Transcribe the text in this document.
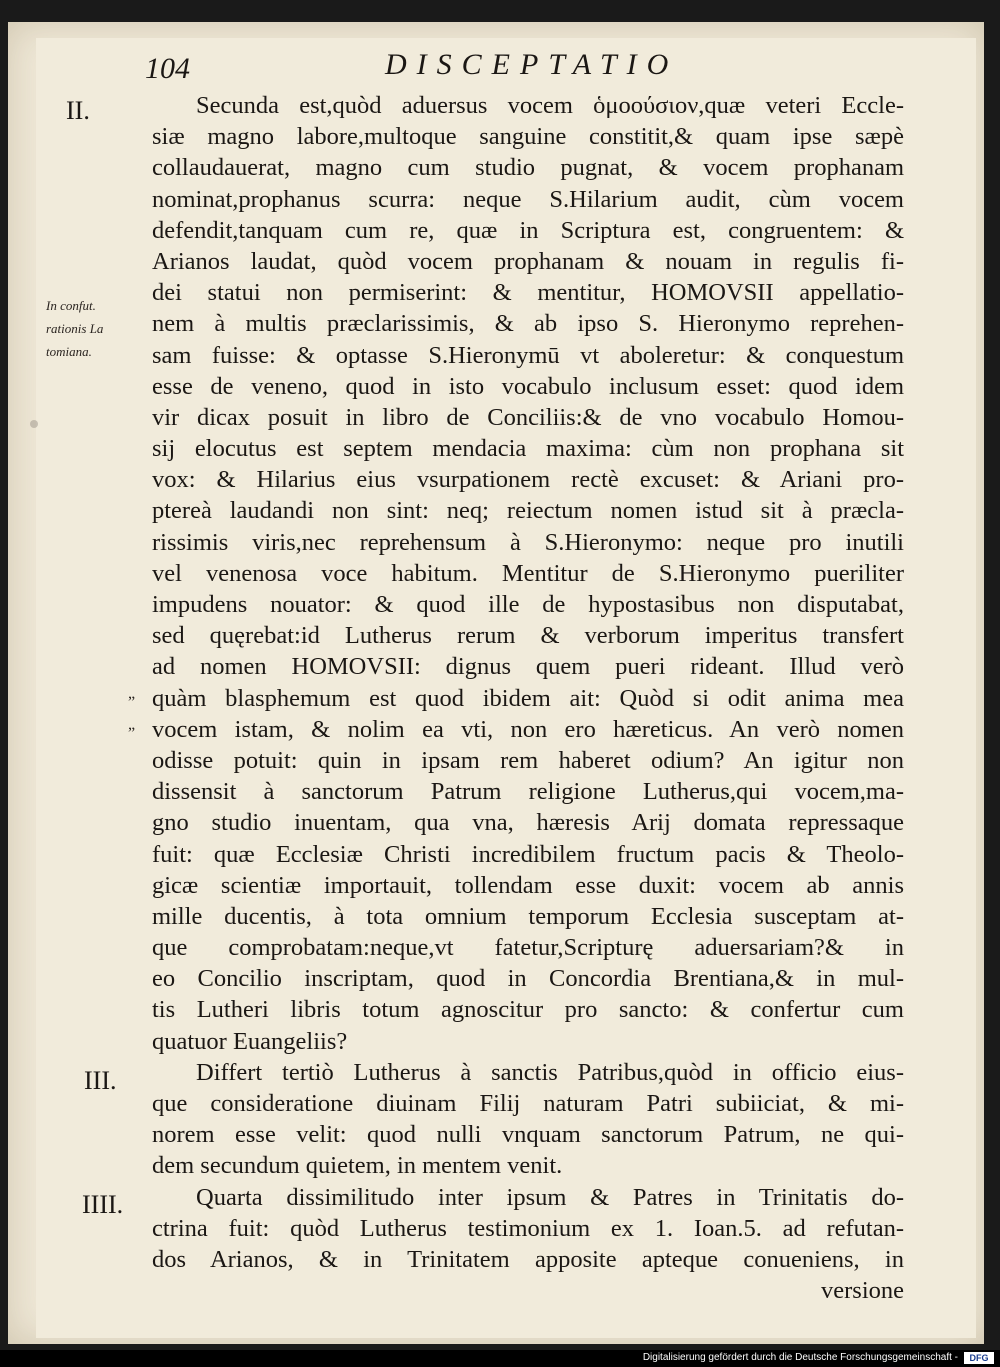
104	DISCEPTATIO
II.
III.
IIII.
In confut.
rationis La
tomiana.
”
”
Secunda est,quòd aduersus vocem ὁμοούσιον,quæ veteri Eccle-
siæ magno labore,multoque sanguine constitit,& quam ipse sæpè
collaudauerat, magno cum studio pugnat, & vocem prophanam
nominat,prophanus scurra: neque S.Hilarium audit, cùm vocem
defendit,tanquam cum re, quæ in Scriptura est, congruentem: &
Arianos laudat, quòd vocem prophanam & nouam in regulis fi-
dei statui non permiserint: & mentitur, HOMOVSII appellatio-
nem à multis præclarissimis, & ab ipso S. Hieronymo reprehen-
sam fuisse: & optasse S.Hieronymū vt aboleretur: & conquestum
esse de veneno, quod in isto vocabulo inclusum esset: quod idem
vir dicax posuit in libro de Conciliis:& de vno vocabulo Homou-
sij elocutus est septem mendacia maxima: cùm non prophana sit
vox: & Hilarius eius vsurpationem rectè excuset: & Ariani pro-
ptereà laudandi non sint: neq; reiectum nomen istud sit à præcla-
rissimis viris,nec reprehensum à S.Hieronymo: neque pro inutili
vel venenosa voce habitum. Mentitur de S.Hieronymo pueriliter
impudens nouator: & quod ille de hypostasibus non disputabat,
sed quęrebat:id Lutherus rerum & verborum imperitus transfert
ad nomen HOMOVSII: dignus quem pueri rideant. Illud verò
quàm blasphemum est quod ibidem ait: Quòd si odit anima mea
vocem istam, & nolim ea vti, non ero hæreticus. An verò nomen
odisse potuit: quin in ipsam rem haberet odium? An igitur non
dissensit à sanctorum Patrum religione Lutherus,qui vocem,ma-
gno studio inuentam, qua vna, hæresis Arij domata repressaque
fuit: quæ Ecclesiæ Christi incredibilem fructum pacis & Theolo-
gicæ scientiæ importauit, tollendam esse duxit: vocem ab annis
mille ducentis, à tota omnium temporum Ecclesia susceptam at-
que comprobatam:neque,vt fatetur,Scripturę aduersariam?& in
eo Concilio inscriptam, quod in Concordia Brentiana,& in mul-
tis Lutheri libris totum agnoscitur pro sancto: & confertur cum
quatuor Euangeliis?
Differt tertiò Lutherus à sanctis Patribus,quòd in officio eius-
que consideratione diuinam Filij naturam Patri subiiciat, & mi-
norem esse velit: quod nulli vnquam sanctorum Patrum, ne qui-
dem secundum quietem, in mentem venit.
Quarta dissimilitudo inter ipsum & Patres in Trinitatis do-
ctrina fuit: quòd Lutherus testimonium ex 1. Ioan.5. ad refutan-
dos Arianos, & in Trinitatem apposite apteque conueniens, in
versione
Digitalisierung gefördert durch die Deutsche Forschungsgemeinschaft -	DFG
